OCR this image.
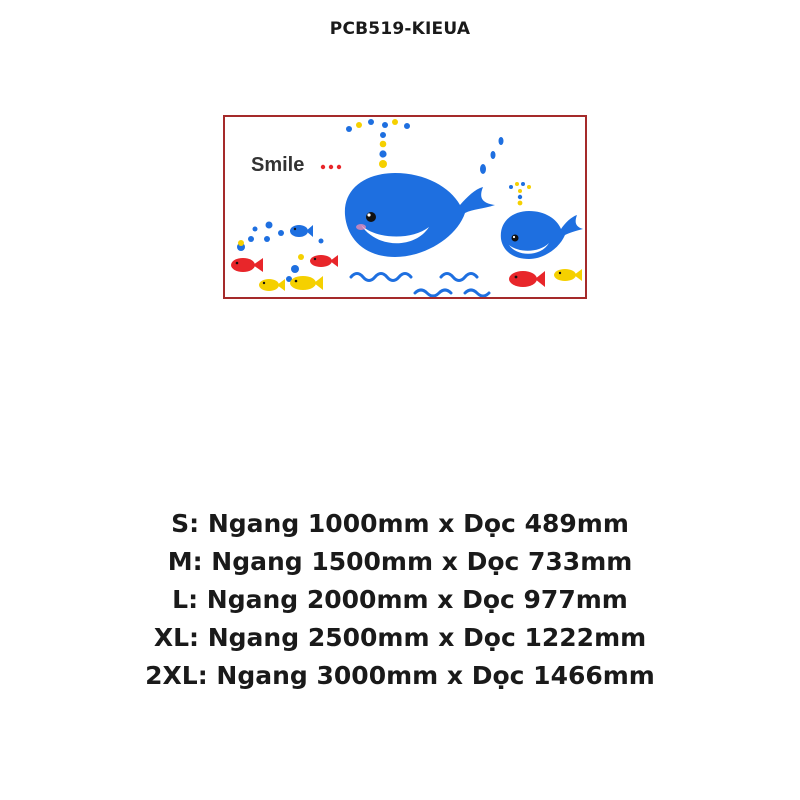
PCB519-KIEUA
Smile
S: Ngang 1000mm x Dọc 489mm
M: Ngang 1500mm x Dọc 733mm
L: Ngang 2000mm x Dọc 977mm
XL: Ngang 2500mm x Dọc 1222mm
2XL: Ngang 3000mm x Dọc 1466mm
